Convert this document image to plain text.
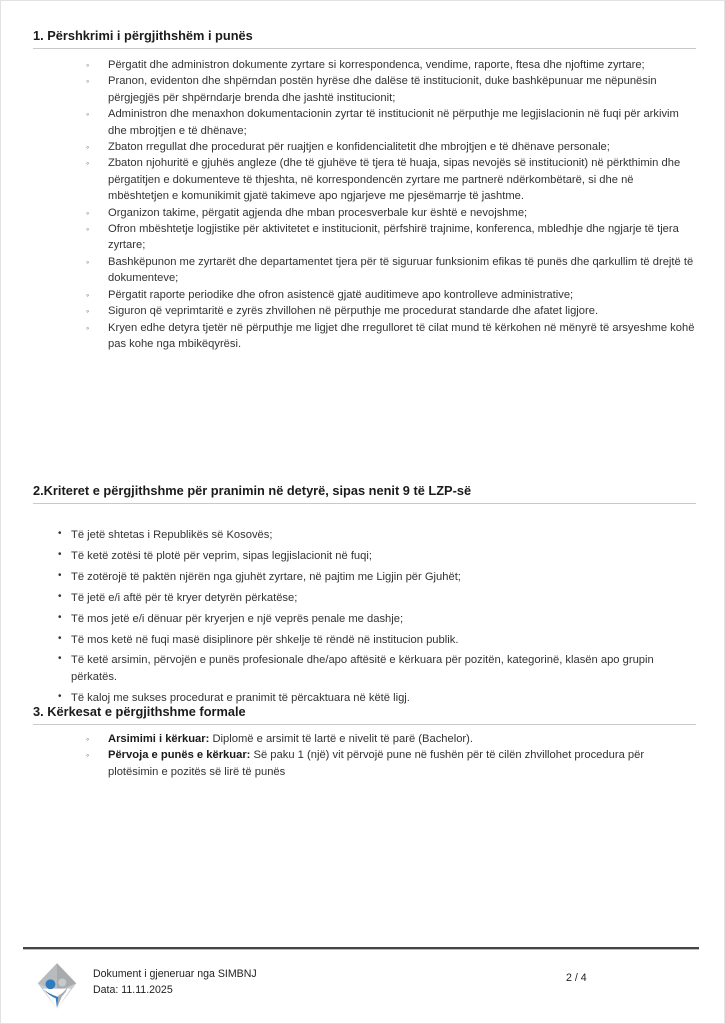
1. Përshkrimi i përgjithshëm i punës
◦ Përgatit dhe administron dokumente zyrtare si korrespondenca, vendime, raporte, ftesa dhe njoftime zyrtare;
◦ Pranon, evidenton dhe shpërndan postën hyrëse dhe dalëse të institucionit, duke bashkëpunuar me nëpunësin përgjegjës për shpërndarje brenda dhe jashtë institucionit;
◦ Administron dhe menaxhon dokumentacionin zyrtar të institucionit në përputhje me legjislacionin në fuqi për arkivim dhe mbrojtjen e të dhënave;
◦ Zbaton rregullat dhe procedurat për ruajtjen e konfidencialitetit dhe mbrojtjen e të dhënave personale;
◦ Zbaton njohuritë e gjuhës angleze (dhe të gjuhëve të tjera të huaja, sipas nevojës së institucionit) në përkthimin dhe përgatitjen e dokumenteve të thjeshta, në korrespondencën zyrtare me partnerë ndërkombëtarë, si dhe në mbështetjen e komunikimit gjatë takimeve apo ngjarjeve me pjesëmarrje të jashtme.
◦ Organizon takime, përgatit agjenda dhe mban procesverbale kur është e nevojshme;
◦ Ofron mbështetje logjistike për aktivitetet e institucionit, përfshirë trajnime, konferenca, mbledhje dhe ngjarje të tjera zyrtare;
◦ Bashkëpunon me zyrtarët dhe departamentet tjera për të siguruar funksionim efikas të punës dhe qarkullim të drejtë të dokumenteve;
◦ Përgatit raporte periodike dhe ofron asistencë gjatë auditimeve apo kontrolleve administrative;
◦ Siguron që veprimtaritë e zyrës zhvillohen në përputhje me procedurat standarde dhe afatet ligjore.
◦ Kryen edhe detyra tjetër në përputhje me ligjet dhe rregulloret të cilat mund të kërkohen në mënyrë të arsyeshme kohë pas kohe nga mbikëqyrësi.
2.Kriteret e përgjithshme për pranimin në detyrë, sipas nenit 9 të LZP-së
• Të jetë shtetas i Republikës së Kosovës;
• Të ketë zotësi të plotë për veprim, sipas legjislacionit në fuqi;
• Të zotërojë të paktën njërën nga gjuhët zyrtare, në pajtim me Ligjin për Gjuhët;
• Të jetë e/i aftë për të kryer detyrën përkatëse;
• Të mos jetë e/i dënuar për kryerjen e një veprës penale me dashje;
• Të mos ketë në fuqi masë disiplinore për shkelje të rëndë në institucion publik.
• Të ketë arsimin, përvojën e punës profesionale dhe/apo aftësitë e kërkuara për pozitën, kategorinë, klasën apo grupin përkatës.
• Të kaloj me sukses procedurat e pranimit të përcaktuara në këtë ligj.
3. Kërkesat e përgjithshme formale
◦ Arsimimi i kërkuar: Diplomë e arsimit të lartë e nivelit të parë (Bachelor).
◦ Përvoja e punës e kërkuar: Së paku 1 (një) vit përvojë pune në fushën për të cilën zhvillohet procedura për plotësimin e pozitës së lirë të punës
Dokument i gjeneruar nga SIMBNJ
Data: 11.11.2025
2 / 4
